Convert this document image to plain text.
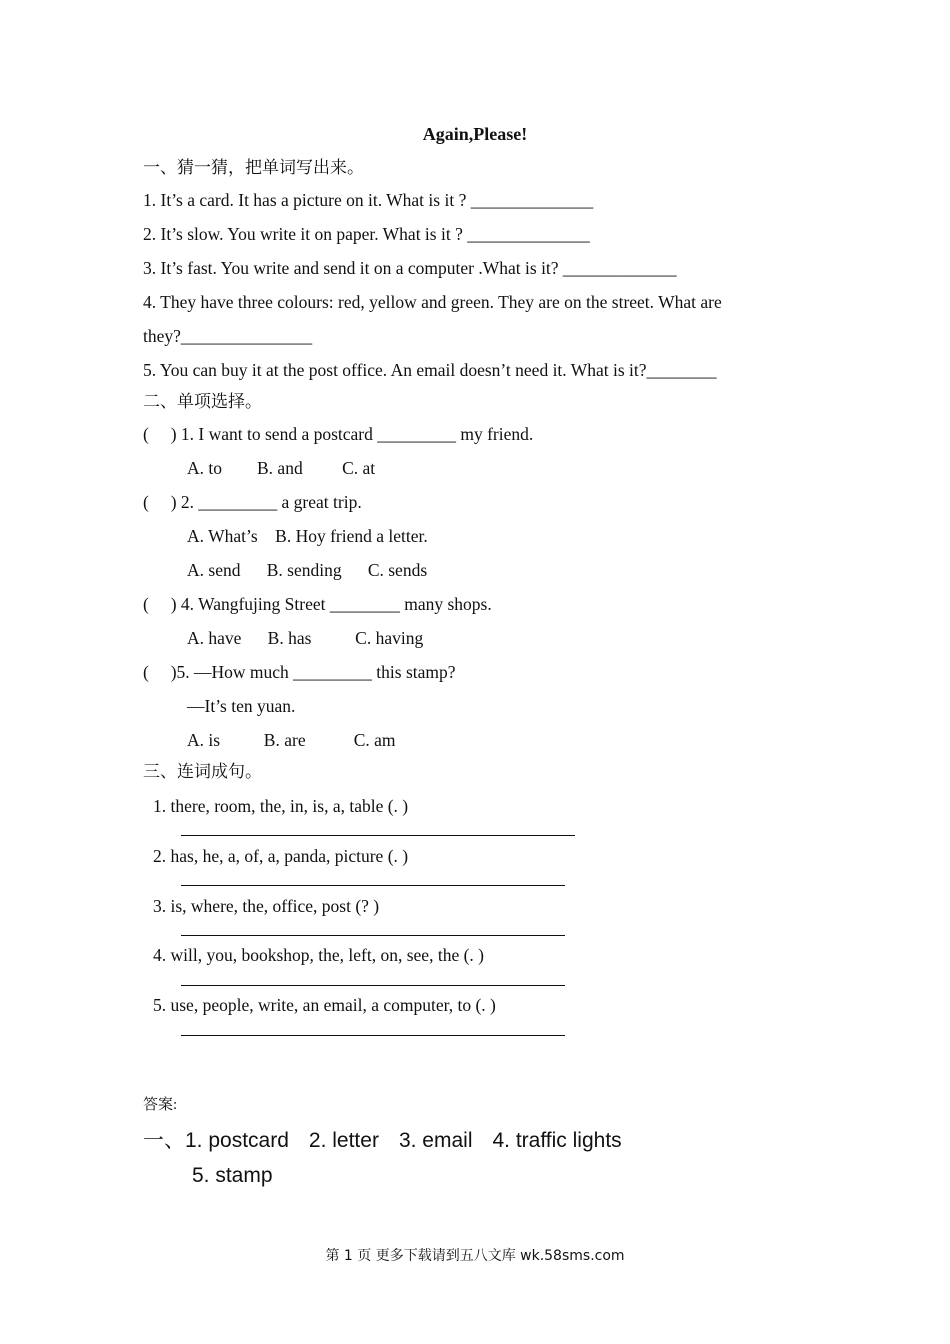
Again,Please!
一、猜一猜，把单词写出来。
1. It’s a card. It has a picture on it. What is it ? ______________
2. It’s slow. You write it on paper. What is it ? ______________
3. It’s fast. You write and send it on a computer .What is it? _____________
4. They have three colours: red, yellow and green. They are on the street. What are
they?_______________
5. You can buy it at the post office. An email doesn’t need it. What is it?________
二、单项选择。
(     ) 1. I want to send a postcard _________ my friend.
A. to        B. and         C. at
(     ) 2. _________ a great trip.
A. What’s    B. Hoy friend a letter.
A. send      B. sending      C. sends
(     ) 4. Wangfujing Street ________ many shops.
A. have      B. has          C. having
(     )5. —How much _________ this stamp?
—It’s ten yuan.
A. is          B. are           C. am
三、连词成句。
1. there, room, the, in, is, a, table (. )
2. has, he, a, of, a, panda, picture (. )
3. is, where, the, office, post (? )
4. will, you, bookshop, the, left, on, see, the (. )
5. use, people, write, an email, a computer, to (. )
答案:
一、1. postcard 2. letter 3. email 4. traffic lights
5. stamp
第 1 页 更多下载请到五八文库 wk.58sms.com
